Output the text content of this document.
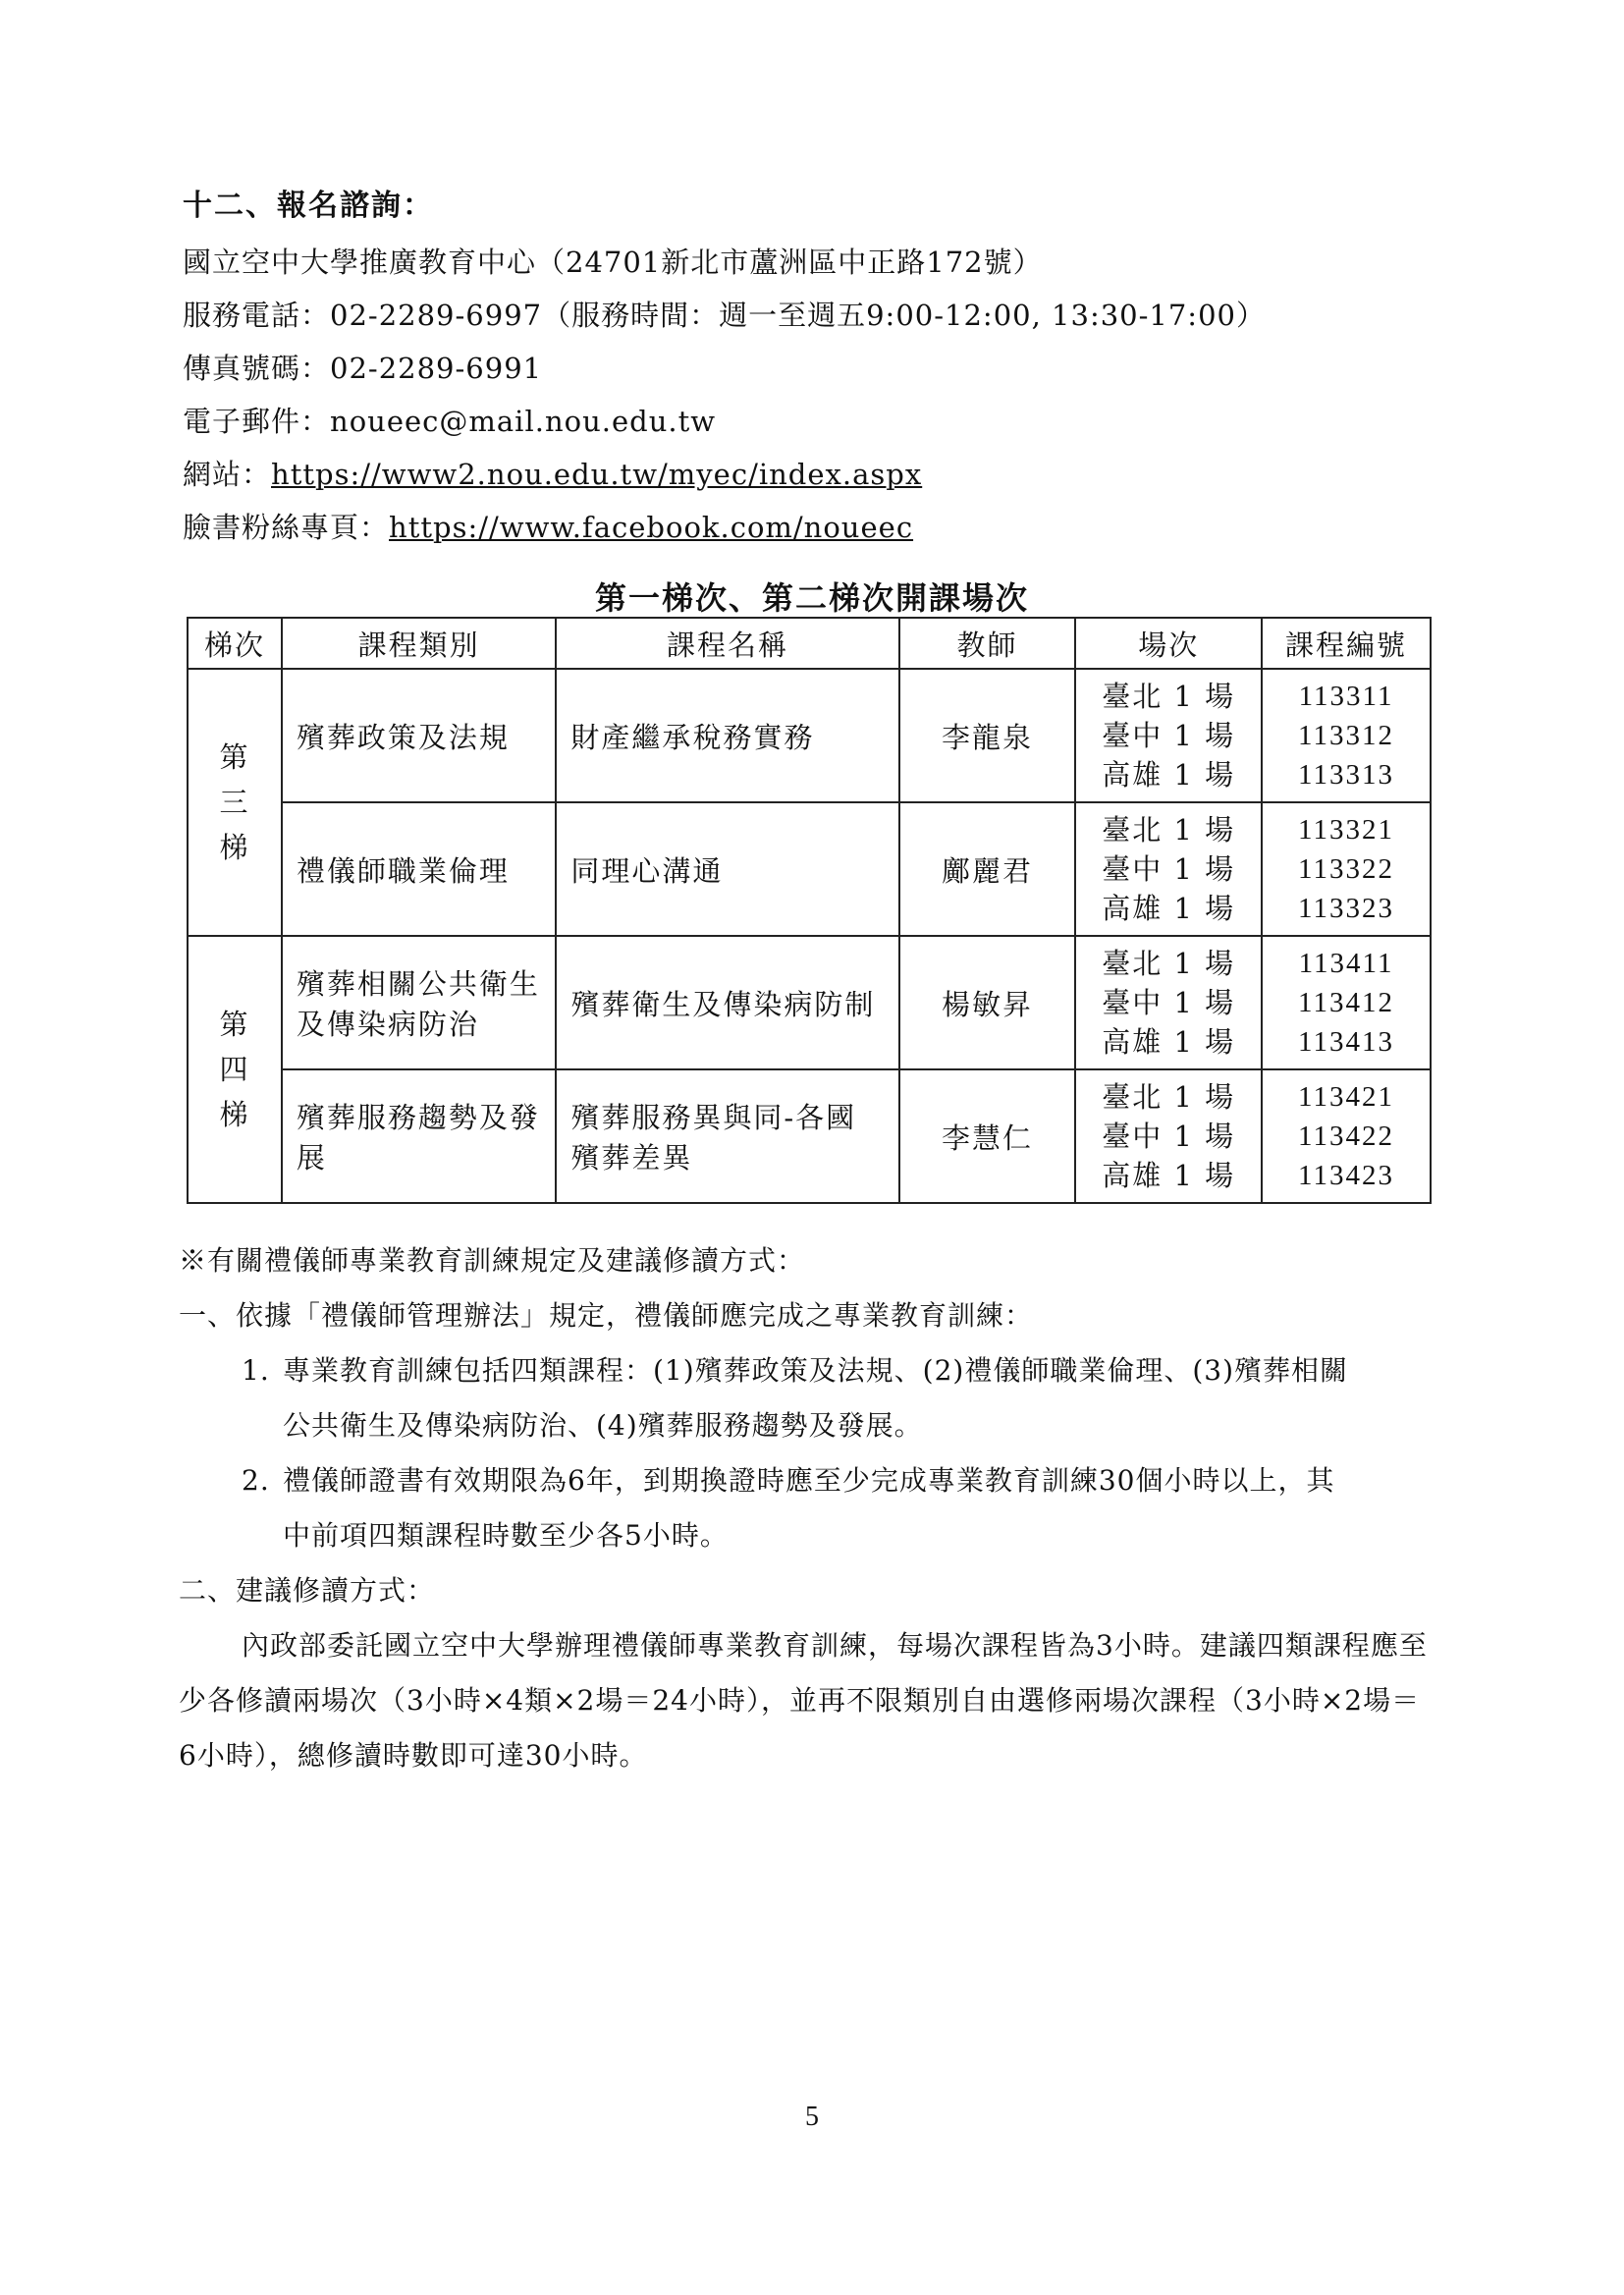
十二、報名諮詢：
國立空中大學推廣教育中心（24701新北市蘆洲區中正路172號）
服務電話：02-2289-6997（服務時間：週一至週五9:00-12:00, 13:30-17:00）
傳真號碼：02-2289-6991
電子郵件：noueec@mail.nou.edu.tw
網站：https://www2.nou.edu.tw/myec/index.aspx
臉書粉絲專頁：https://www.facebook.com/noueec
第一梯次、第二梯次開課場次
梯次	課程類別	課程名稱	教師	場次	課程編號

第
三
梯	殯葬政策及法規	財產繼承稅務實務	李龍泉	臺北 1 場
臺中 1 場
高雄 1 場	113311
113312
113313

	禮儀師職業倫理	同理心溝通	鄺麗君	臺北 1 場
臺中 1 場
高雄 1 場	113321
113322
113323

第
四
梯	殯葬相關公共衛生及傳染病防治	殯葬衛生及傳染病防制	楊敏昇	臺北 1 場
臺中 1 場
高雄 1 場	113411
113412
113413

	殯葬服務趨勢及發展	殯葬服務異與同-各國殯葬差異	李慧仁	臺北 1 場
臺中 1 場
高雄 1 場	113421
113422
113423
※有關禮儀師專業教育訓練規定及建議修讀方式：
一、依據「禮儀師管理辦法」規定，禮儀師應完成之專業教育訓練：
1. 專業教育訓練包括四類課程：(1)殯葬政策及法規、(2)禮儀師職業倫理、(3)殯葬相關
公共衛生及傳染病防治、(4)殯葬服務趨勢及發展。
2. 禮儀師證書有效期限為6年，到期換證時應至少完成專業教育訓練30個小時以上，其
中前項四類課程時數至少各5小時。
二、建議修讀方式：
內政部委託國立空中大學辦理禮儀師專業教育訓練，每場次課程皆為3小時。建議四類課程應至少各修讀兩場次（3小時×4類×2場＝24小時），並再不限類別自由選修兩場次課程（3小時×2場＝6小時），總修讀時數即可達30小時。
5
